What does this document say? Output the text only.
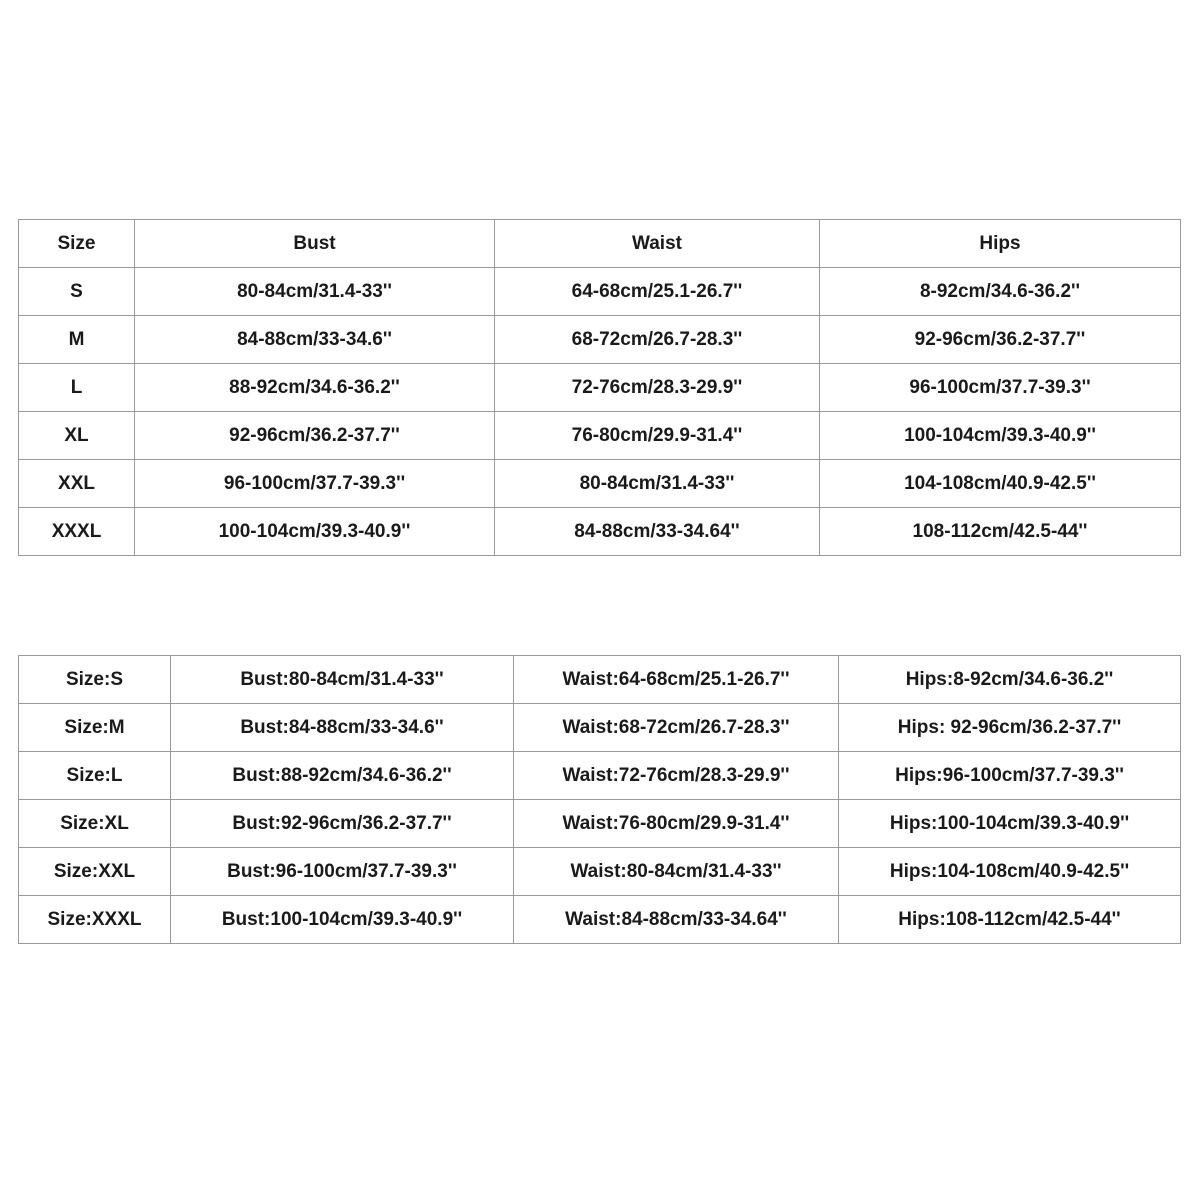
Size	Bust	Waist	Hips
S	80-84cm/31.4-33''	64-68cm/25.1-26.7''	8-92cm/34.6-36.2''
M	84-88cm/33-34.6''	68-72cm/26.7-28.3''	92-96cm/36.2-37.7''
L	88-92cm/34.6-36.2''	72-76cm/28.3-29.9''	96-100cm/37.7-39.3''
XL	92-96cm/36.2-37.7''	76-80cm/29.9-31.4''	100-104cm/39.3-40.9''
XXL	96-100cm/37.7-39.3''	80-84cm/31.4-33''	104-108cm/40.9-42.5''
XXXL	100-104cm/39.3-40.9''	84-88cm/33-34.64''	108-112cm/42.5-44''
Size:S	Bust:80-84cm/31.4-33''	Waist:64-68cm/25.1-26.7''	Hips:8-92cm/34.6-36.2''
Size:M	Bust:84-88cm/33-34.6''	Waist:68-72cm/26.7-28.3''	Hips: 92-96cm/36.2-37.7''
Size:L	Bust:88-92cm/34.6-36.2''	Waist:72-76cm/28.3-29.9''	Hips:96-100cm/37.7-39.3''
Size:XL	Bust:92-96cm/36.2-37.7''	Waist:76-80cm/29.9-31.4''	Hips:100-104cm/39.3-40.9''
Size:XXL	Bust:96-100cm/37.7-39.3''	Waist:80-84cm/31.4-33''	Hips:104-108cm/40.9-42.5''
Size:XXXL	Bust:100-104cm/39.3-40.9''	Waist:84-88cm/33-34.64''	Hips:108-112cm/42.5-44''
